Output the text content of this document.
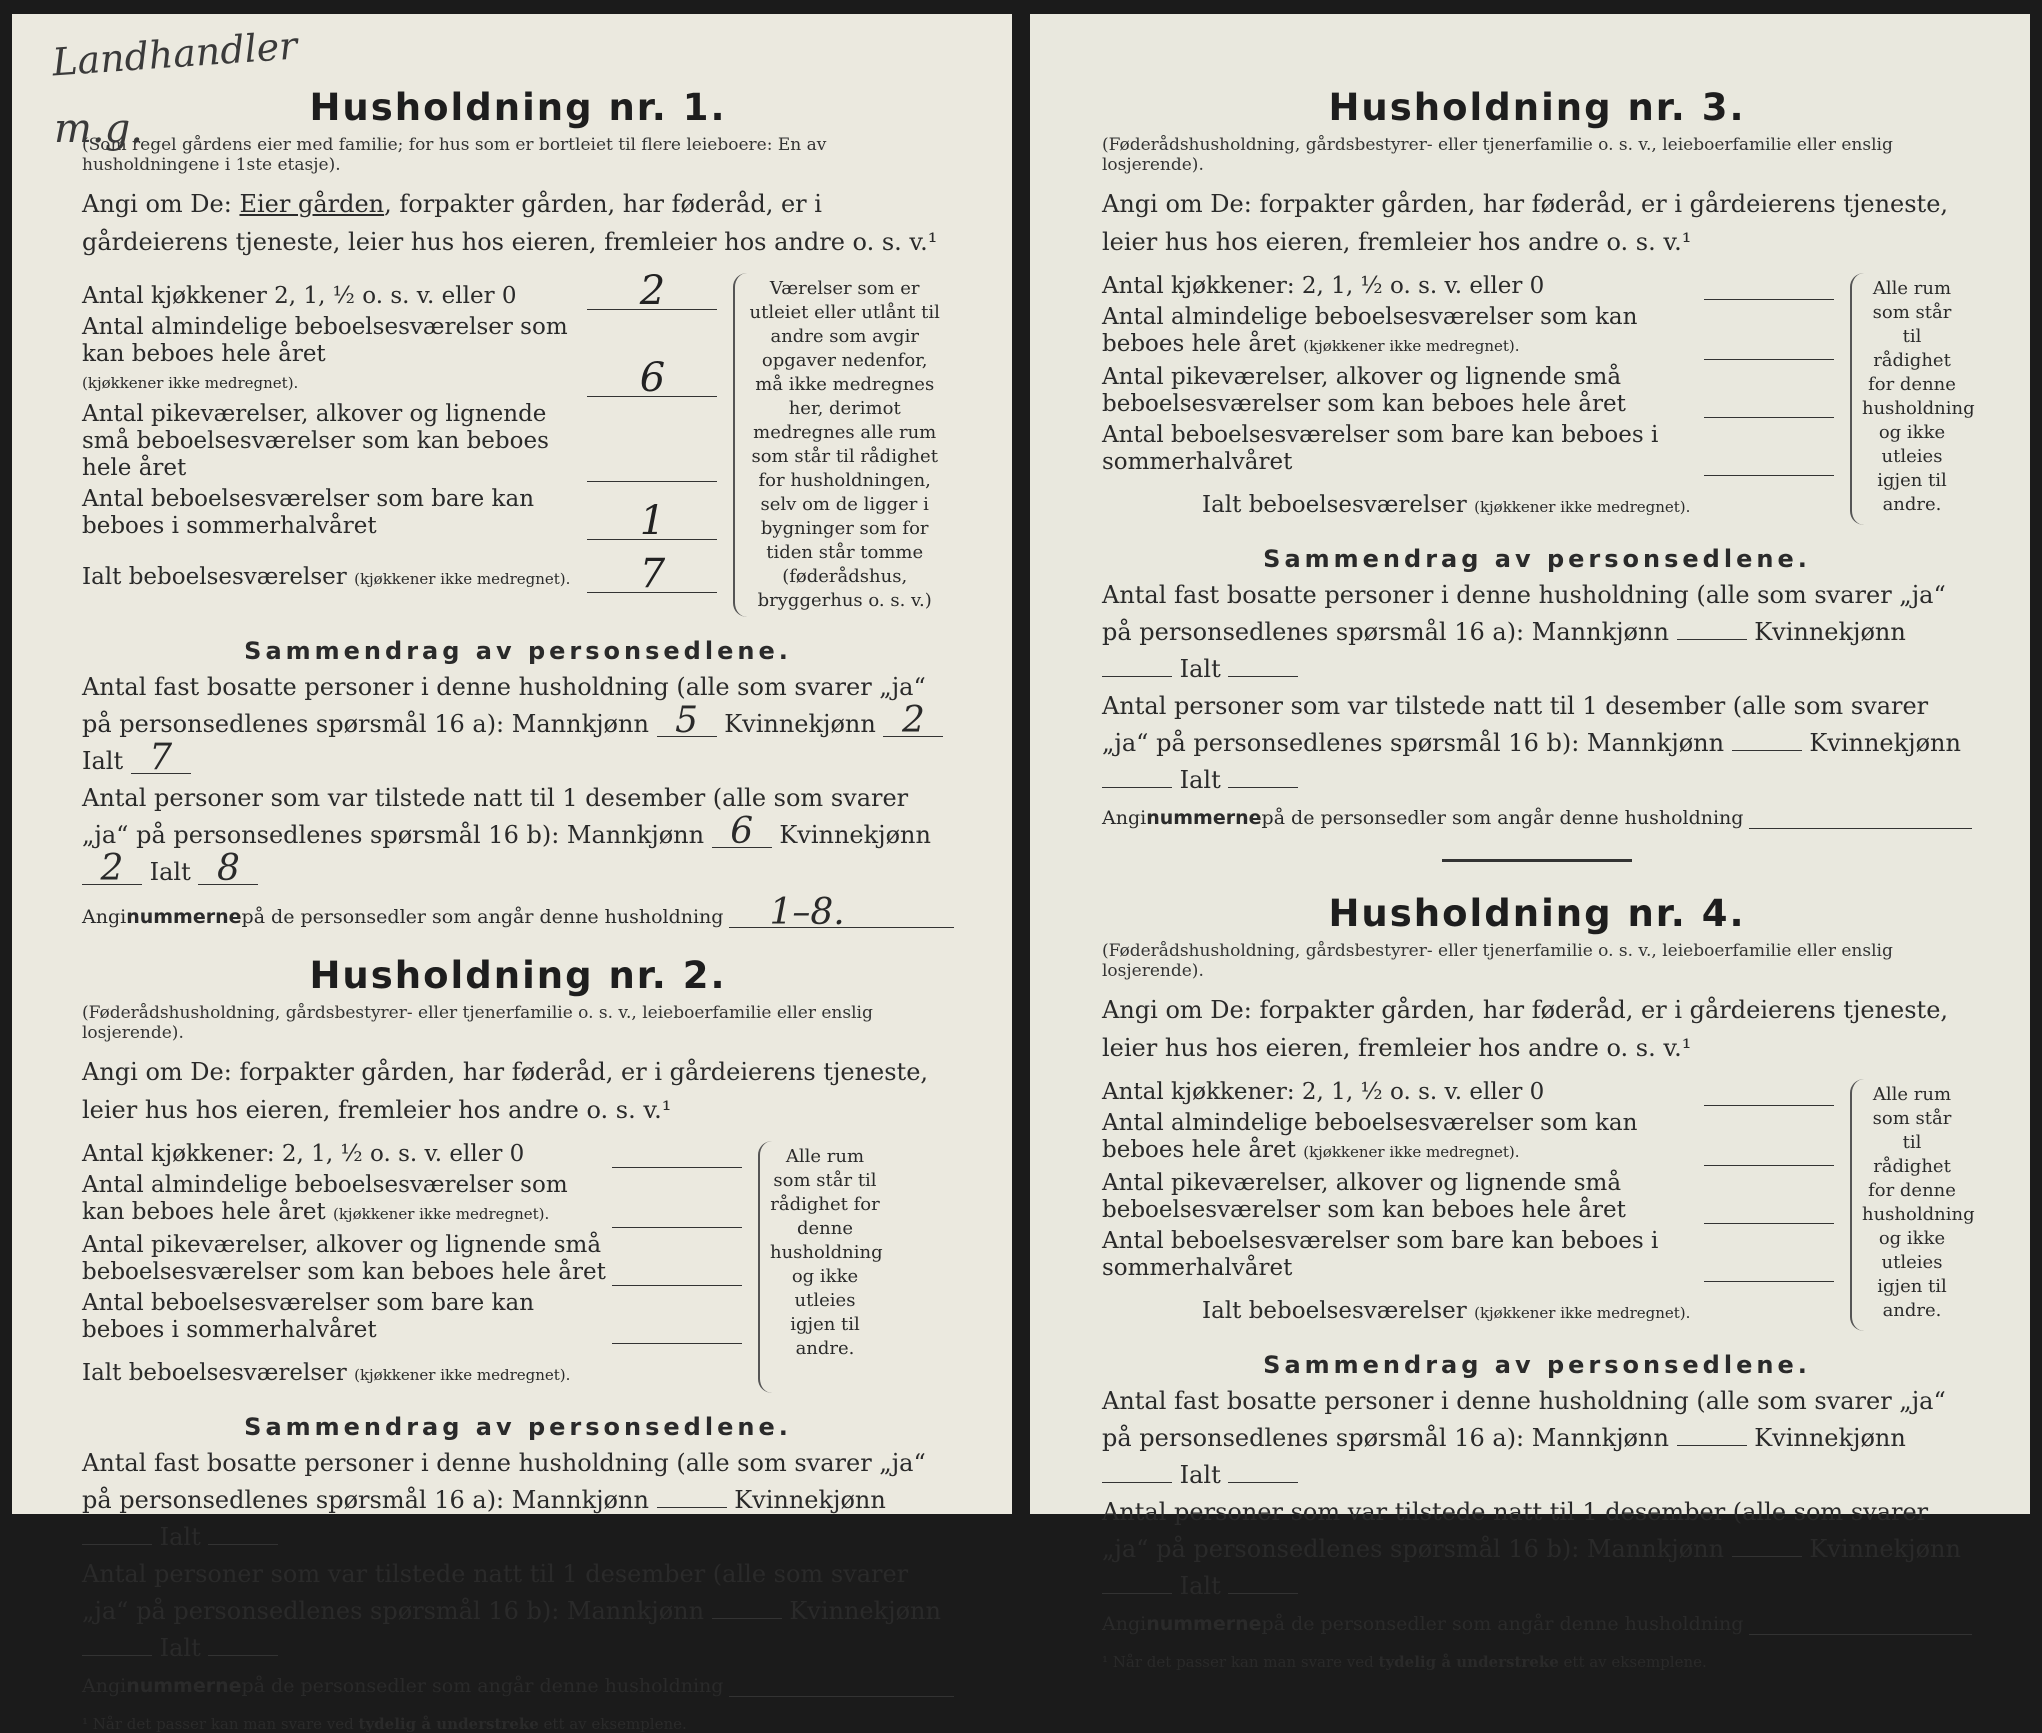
Landhandler
m.g.	Husholdning nr. 1.
(Som regel gårdens eier med familie; for hus som er bortleiet til flere leieboere: En av husholdningene i 1ste etasje).
Angi om De: Eier gården, forpakter gården, har føderåd, er i gårdeierens tjeneste, leier hus hos eieren, fremleier hos andre o. s. v.¹
Antal kjøkkener 2, 1, ½ o. s. v. eller 0	2
Antal almindelige beboelsesværelser som kan beboes hele året
(kjøkkener ikke medregnet).	6
Antal pikeværelser, alkover og lignende små beboelsesværelser som kan beboes hele året
Antal beboelsesværelser som bare kan beboes i sommerhalvåret	1
Ialt beboelsesværelser (kjøkkener ikke medregnet).	7
Værelser som er utleiet eller utlånt til andre som avgir opgaver nedenfor, må ikke medregnes her, derimot medregnes alle rum som står til rådighet for husholdningen, selv om de ligger i bygninger som for tiden står tomme (føderådshus, bryggerhus o. s. v.)
Sammendrag av personsedlene.
Antal fast bosatte personer i denne husholdning (alle som svarer „ja“ på personsedlenes spørsmål 16 a): Mannkjønn 5 Kvinnekjønn 2 Ialt 7
Antal personer som var tilstede natt til 1 desember (alle som svarer „ja“ på personsedlenes spørsmål 16 b): Mannkjønn 6 Kvinnekjønn 2 Ialt 8
Angi nummerne på de personsedler som angår denne husholdning	1–8.
Husholdning nr. 2.
(Føderådshusholdning, gårdsbestyrer- eller tjenerfamilie o. s. v., leieboerfamilie eller enslig losjerende).
Angi om De: forpakter gården, har føderåd, er i gårdeierens tjeneste, leier hus hos eieren, fremleier hos andre o. s. v.¹
Antal kjøkkener: 2, 1, ½ o. s. v. eller 0
Antal almindelige beboelsesværelser som kan beboes hele året (kjøkkener ikke medregnet).
Antal pikeværelser, alkover og lignende små beboelsesværelser som kan beboes hele året
Antal beboelsesværelser som bare kan beboes i sommerhalvåret
Ialt beboelsesværelser (kjøkkener ikke medregnet).
Alle rum som står til rådighet for denne husholdning og ikke utleies igjen til andre.
Sammendrag av personsedlene.
Antal fast bosatte personer i denne husholdning (alle som svarer „ja“ på personsedlenes spørsmål 16 a): Mannkjønn	Kvinnekjønn  Ialt
Antal personer som var tilstede natt til 1 desember (alle som svarer „ja“ på personsedlenes spørsmål 16 b): Mannkjønn	Kvinnekjønn  Ialt
Angi nummerne på de personsedler som angår denne husholdning
¹ Når det passer kan man svare ved tydelig å understreke ett av eksemplene.
Husholdning nr. 3.
(Føderådshusholdning, gårdsbestyrer- eller tjenerfamilie o. s. v., leieboerfamilie eller enslig losjerende).
Angi om De: forpakter gården, har føderåd, er i gårdeierens tjeneste, leier hus hos eieren, fremleier hos andre o. s. v.¹
Antal kjøkkener: 2, 1, ½ o. s. v. eller 0
Antal almindelige beboelsesværelser som kan beboes hele året (kjøkkener ikke medregnet).
Antal pikeværelser, alkover og lignende små beboelsesværelser som kan beboes hele året
Antal beboelsesværelser som bare kan beboes i sommerhalvåret
Ialt beboelsesværelser (kjøkkener ikke medregnet).
Alle rum som står til rådighet for denne husholdning og ikke utleies igjen til andre.
Sammendrag av personsedlene.
Antal fast bosatte personer i denne husholdning (alle som svarer „ja“ på personsedlenes spørsmål 16 a): Mannkjønn	Kvinnekjønn  Ialt
Antal personer som var tilstede natt til 1 desember (alle som svarer „ja“ på personsedlenes spørsmål 16 b): Mannkjønn	Kvinnekjønn  Ialt
Angi nummerne på de personsedler som angår denne husholdning
Husholdning nr. 4.
(Føderådshusholdning, gårdsbestyrer- eller tjenerfamilie o. s. v., leieboerfamilie eller enslig losjerende).
Angi om De: forpakter gården, har føderåd, er i gårdeierens tjeneste, leier hus hos eieren, fremleier hos andre o. s. v.¹
Antal kjøkkener: 2, 1, ½ o. s. v. eller 0
Antal almindelige beboelsesværelser som kan beboes hele året (kjøkkener ikke medregnet).
Antal pikeværelser, alkover og lignende små beboelsesværelser som kan beboes hele året
Antal beboelsesværelser som bare kan beboes i sommerhalvåret
Ialt beboelsesværelser (kjøkkener ikke medregnet).
Alle rum som står til rådighet for denne husholdning og ikke utleies igjen til andre.
Sammendrag av personsedlene.
Antal fast bosatte personer i denne husholdning (alle som svarer „ja“ på personsedlenes spørsmål 16 a): Mannkjønn	Kvinnekjønn  Ialt
Antal personer som var tilstede natt til 1 desember (alle som svarer „ja“ på personsedlenes spørsmål 16 b): Mannkjønn	Kvinnekjønn  Ialt
Angi nummerne på de personsedler som angår denne husholdning
¹ Når det passer kan man svare ved tydelig å understreke ett av eksemplene.
